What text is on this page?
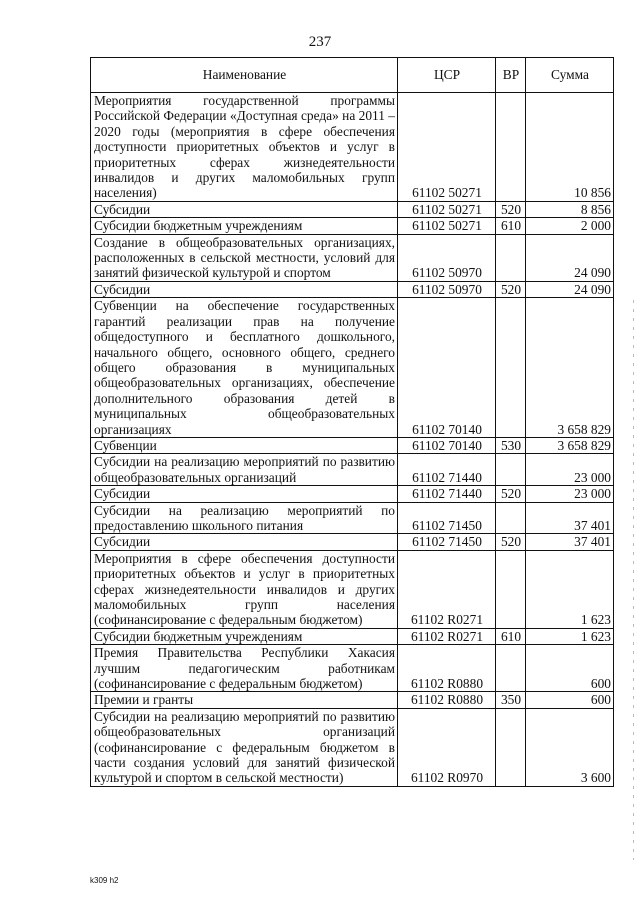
237
Наименование	ЦСР	ВР	Сумма
Мероприятия государственной программы Российской Федерации «Доступная среда» на 2011 – 2020 годы (мероприятия в сфере обеспечения доступности приоритетных объектов и услуг в приоритетных сферах жизнедеятельности инвалидов и других маломобильных групп населения)	61102 50271		10 856
Субсидии	61102 50271	520	8 856
Субсидии бюджетным учреждениям	61102 50271	610	2 000
Создание в общеобразовательных организациях, расположенных в сельской местности, условий для занятий физической культурой и спортом	61102 50970		24 090
Субсидии	61102 50970	520	24 090
Субвенции на обеспечение государственных гарантий реализации прав на получение общедоступного и бесплатного дошкольного, начального общего, основного общего, среднего общего образования в муниципальных общеобразовательных организациях, обеспечение дополнительного образования детей в муниципальных общеобразовательных организациях	61102 70140		3 658 829
Субвенции	61102 70140	530	3 658 829
Субсидии на реализацию мероприятий по развитию общеобразовательных организаций	61102 71440		23 000
Субсидии	61102 71440	520	23 000
Субсидии на реализацию мероприятий по предоставлению школьного питания	61102 71450		37 401
Субсидии	61102 71450	520	37 401
Мероприятия в сфере обеспечения доступности приоритетных объектов и услуг в приоритетных сферах жизнедеятельности инвалидов и других маломобильных групп населения (софинансирование с федеральным бюджетом)	61102 R0271		1 623
Субсидии бюджетным учреждениям	61102 R0271	610	1 623
Премия Правительства Республики Хакасия лучшим педагогическим работникам (софинансирование с федеральным бюджетом)	61102 R0880		600
Премии и гранты	61102 R0880	350	600
Субсидии на реализацию мероприятий по развитию общеобразовательных организаций (софинансирование с федеральным бюджетом в части создания условий для занятий физической культурой и спортом в сельской местности)	61102 R0970		3 600
k309 h2
